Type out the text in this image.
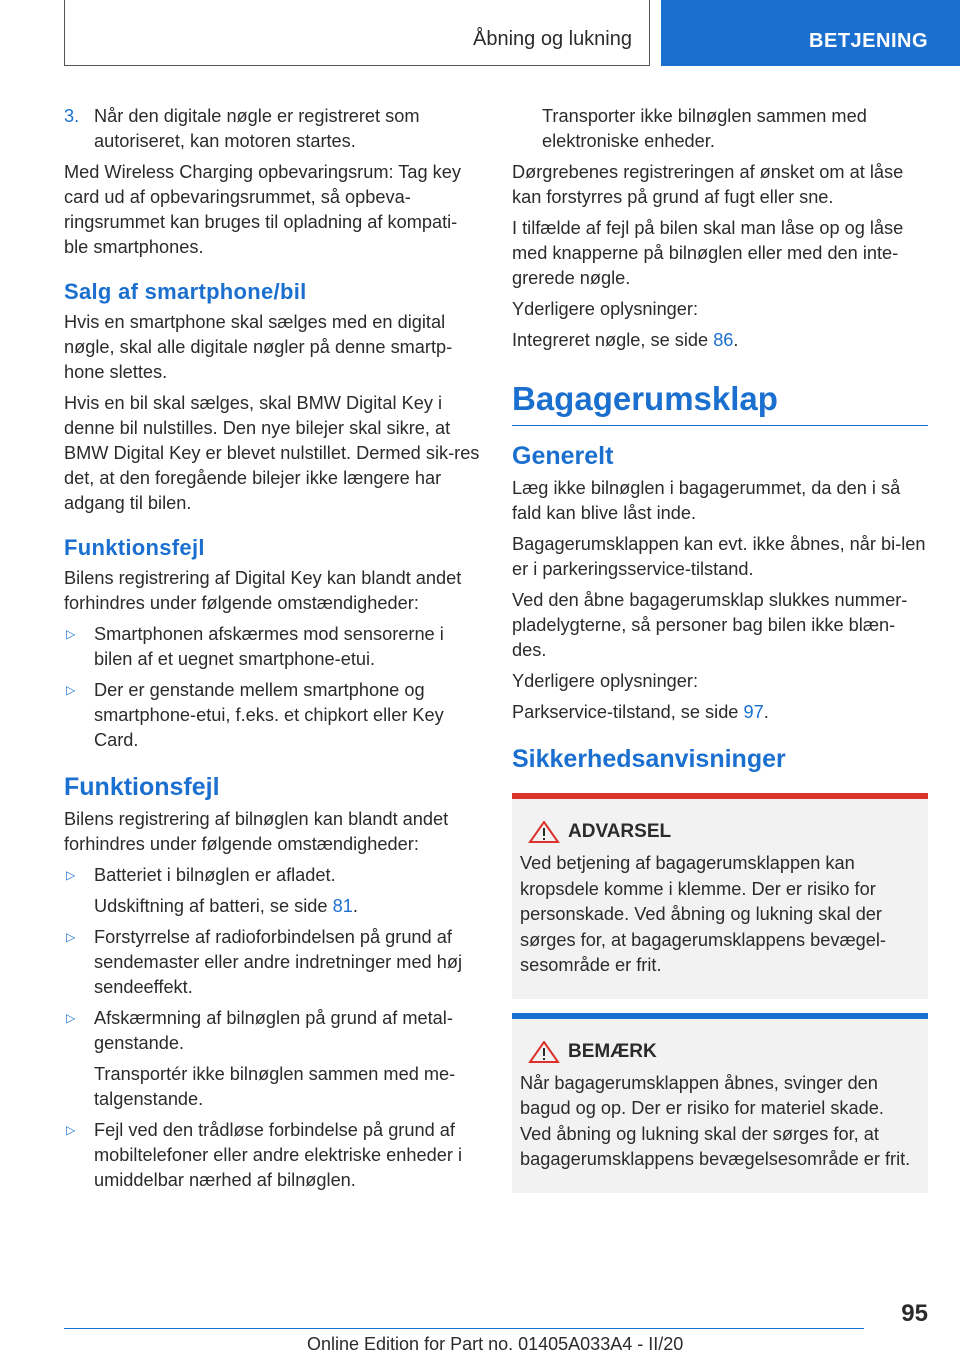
Åbning og lukning	BETJENING
3. Når den digitale nøgle er registreret som autoriseret, kan motoren startes.

Med Wireless Charging opbevaringsrum: Tag key card ud af opbevaringsrummet, så opbeva-ringsrummet kan bruges til opladning af kompati-ble smartphones.

Salg af smartphone/bil

Hvis en smartphone skal sælges med en digital nøgle, skal alle digitale nøgler på denne smartp-hone slettes.

Hvis en bil skal sælges, skal BMW Digital Key i denne bil nulstilles. Den nye bilejer skal sikre, at BMW Digital Key er blevet nulstillet. Dermed sik-res det, at den foregående bilejer ikke længere har adgang til bilen.

Funktionsfejl

Bilens registrering af Digital Key kan blandt andet forhindres under følgende omstændigheder:

▷	Smartphonen afskærmes mod sensorerne i bilen af et uegnet smartphone-etui.
▷	Der er genstande mellem smartphone og smartphone-etui, f.eks. et chipkort eller Key Card.
Funktionsfejl

Bilens registrering af bilnøglen kan blandt andet forhindres under følgende omstændigheder:

▷	Batteriet i bilnøglen er afladet.
Udskiftning af batteri, se side 81.
▷	Forstyrrelse af radioforbindelsen på grund af sendemaster eller andre indretninger med høj sendeeffekt.
▷	Afskærmning af bilnøglen på grund af metal-genstande.
Transportér ikke bilnøglen sammen med me-talgenstande.
▷	Fejl ved den trådløse forbindelse på grund af mobiltelefoner eller andre elektriske enheder i umiddelbar nærhed af bilnøglen.
Transporter ikke bilnøglen sammen med elektroniske enheder.

Dørgrebenes registreringen af ønsket om at låse kan forstyrres på grund af fugt eller sne.

I tilfælde af fejl på bilen skal man låse op og låse med knapperne på bilnøglen eller med den inte-grerede nøgle.

Yderligere oplysninger:

Integreret nøgle, se side 86.

Bagagerumsklap
Generelt

Læg ikke bilnøglen i bagagerummet, da den i så fald kan blive låst inde.

Bagagerumsklappen kan evt. ikke åbnes, når bi-len er i parkeringsservice-tilstand.

Ved den åbne bagagerumsklap slukkes nummer-pladelygterne, så personer bag bilen ikke blæn-des.

Yderligere oplysninger:

Parkservice-tilstand, se side 97.

Sikkerhedsanvisninger
ADVARSEL

Ved betjening af bagagerumsklappen kan kropsdele komme i klemme. Der er risiko for personskade. Ved åbning og lukning skal der sørges for, at bagagerumsklappens bevægel-sesområde er frit.

BEMÆRK

Når bagagerumsklappen åbnes, svinger den bagud og op. Der er risiko for materiel skade. Ved åbning og lukning skal der sørges for, at bagagerumsklappens bevægelsesområde er frit.

95
Online Edition for Part no. 01405A033A4 - II/20
